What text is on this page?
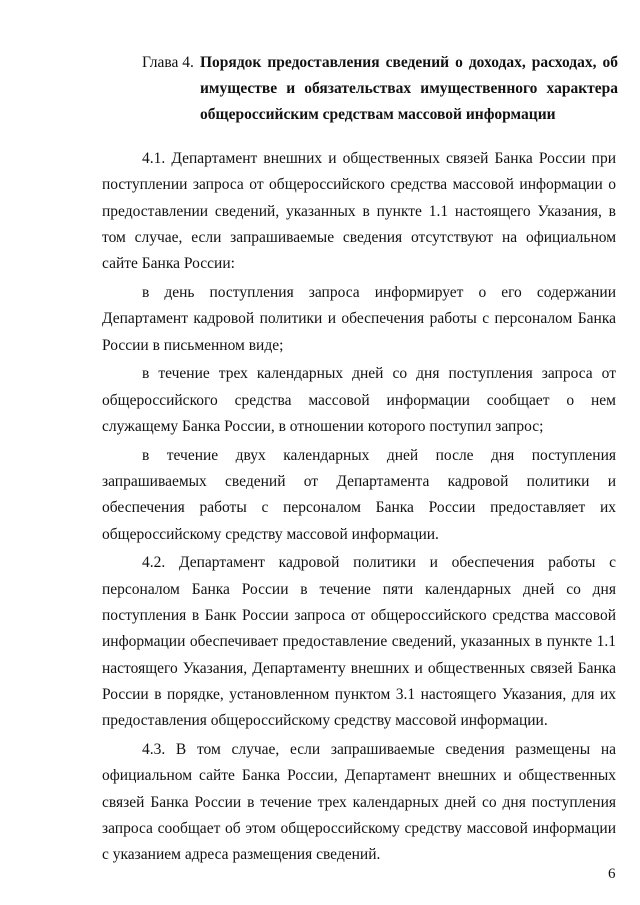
Глава 4. Порядок предоставления сведений о доходах, расходах, об
имуществе и обязательствах имущественного характера
общероссийским средствам массовой информации

4.1. Департамент внешних и общественных связей Банка России при поступлении запроса от общероссийского средства массовой информации о предоставлении сведений, указанных в пункте 1.1 настоящего Указания, в том случае, если запрашиваемые сведения отсутствуют на официальном сайте Банка России:

в день поступления запроса информирует о его содержании Департамент кадровой политики и обеспечения работы с персоналом Банка России в письменном виде;

в течение трех календарных дней со дня поступления запроса от общероссийского средства массовой информации сообщает о нем служащему Банка России, в отношении которого поступил запрос;

в течение двух календарных дней после дня поступления запрашиваемых сведений от Департамента кадровой политики и обеспечения работы с персоналом Банка России предоставляет их общероссийскому средству массовой информации.

4.2. Департамент кадровой политики и обеспечения работы с персоналом Банка России в течение пяти календарных дней со дня поступления в Банк России запроса от общероссийского средства массовой информации обеспечивает предоставление сведений, указанных в пункте 1.1 настоящего Указания, Департаменту внешних и общественных связей Банка России в порядке, установленном пунктом 3.1 настоящего Указания, для их предоставления общероссийскому средству массовой информации.

4.3. В том случае, если запрашиваемые сведения размещены на официальном сайте Банка России, Департамент внешних и общественных связей Банка России в течение трех календарных дней со дня поступления запроса сообщает об этом общероссийскому средству массовой информации с указанием адреса размещения сведений.

6
